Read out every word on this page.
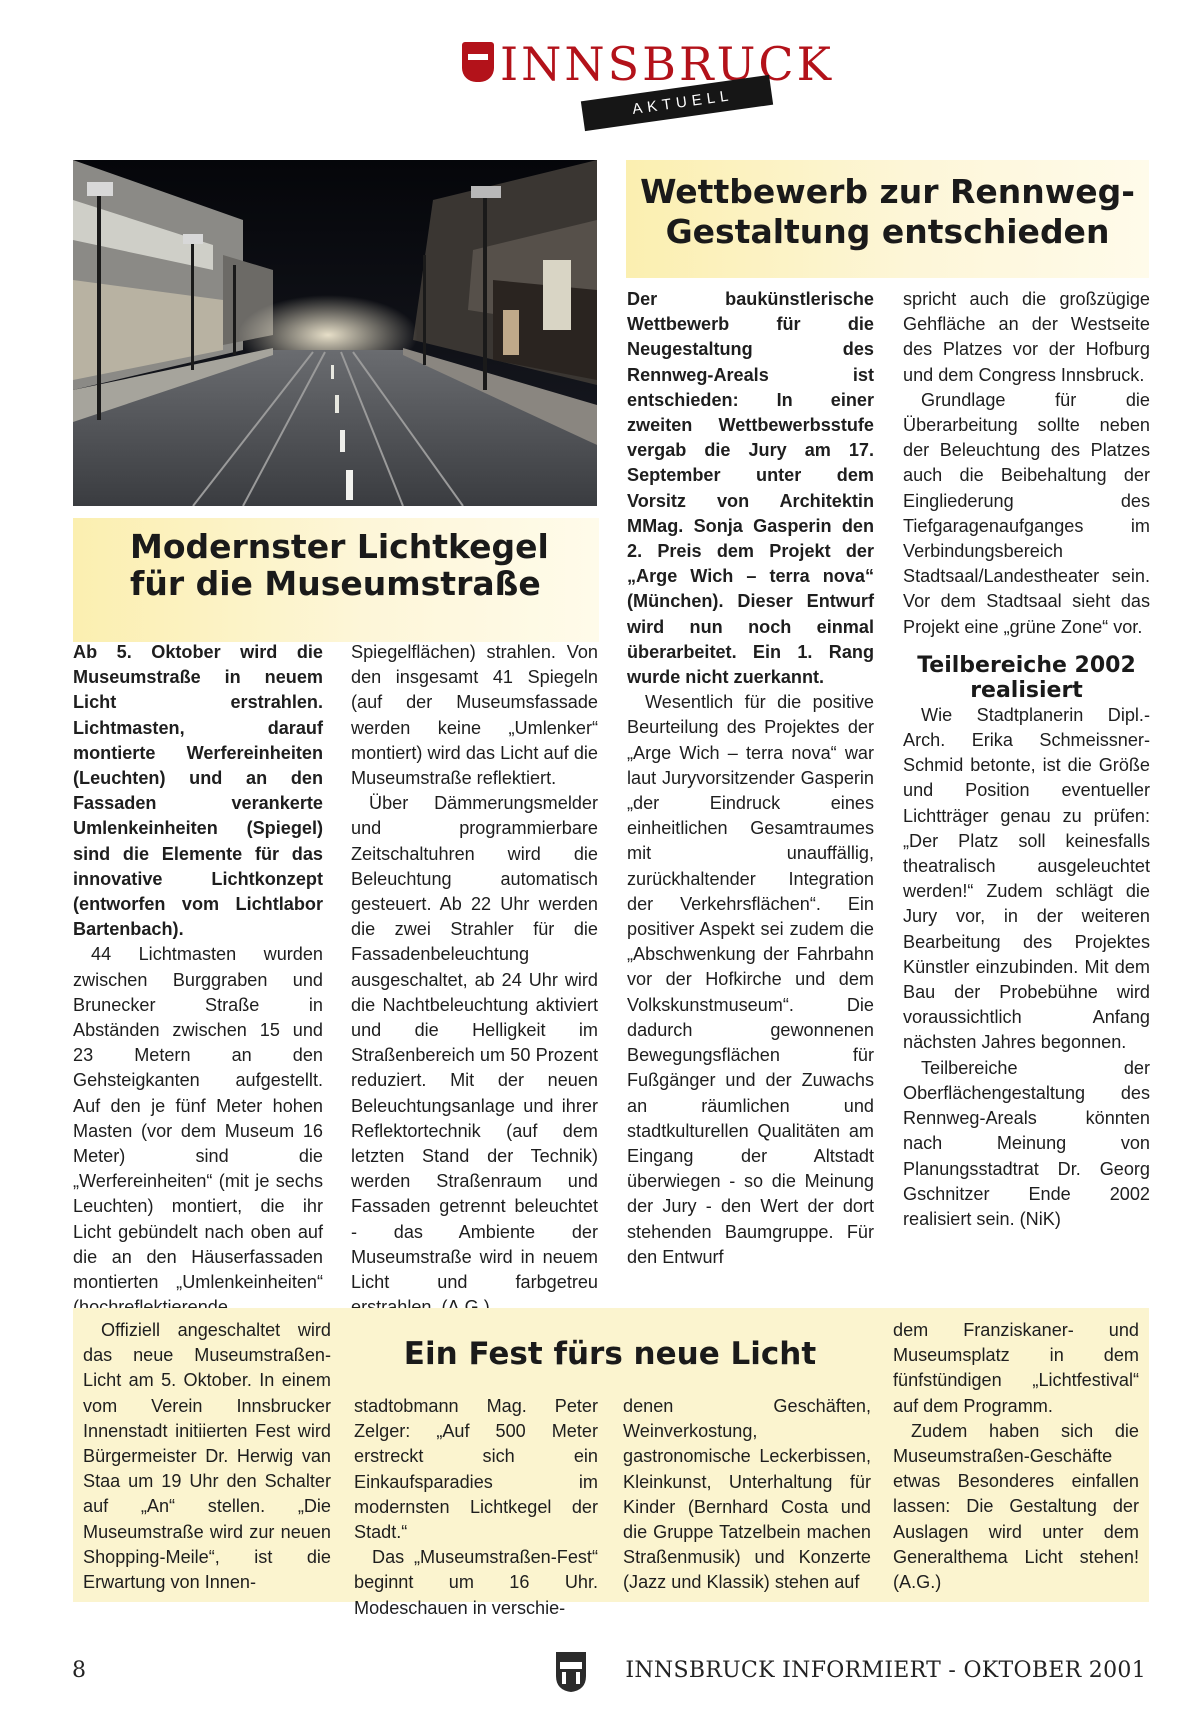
INNSBRUCK
AKTUELL
Modernster Lichtkegel
für die Museumstraße

Ab 5. Oktober wird die Museumstraße in neuem Licht erstrahlen. Lichtmasten, darauf montierte Werfereinheiten (Leuchten) und an den Fassaden verankerte Umlenkeinheiten (Spiegel) sind die Elemente für das innovative Lichtkonzept (entworfen vom Lichtlabor Bartenbach).

44 Lichtmasten wurden zwischen Burggraben und Brunecker Straße in Abständen zwischen 15 und 23 Metern an den Gehsteigkanten aufgestellt. Auf den je fünf Meter hohen Masten (vor dem Museum 16 Meter) sind die „Werfereinheiten“ (mit je sechs Leuchten) montiert, die ihr Licht gebündelt nach oben auf die an den Häuserfassaden montierten „Umlenkeinheiten“

Spiegelflächen) strahlen. Von den insgesamt 41 Spiegeln (auf der Museumsfassade werden keine „Umlenker“ montiert) wird das Licht auf die Museumstraße reflektiert.

Über Dämmerungsmelder und programmierbare Zeitschaltuhren wird die Beleuchtung automatisch gesteuert. Ab 22 Uhr werden die zwei Strahler für die Fassadenbeleuchtung ausgeschaltet, ab 24 Uhr wird die Nachtbeleuchtung aktiviert und die Helligkeit im Straßenbereich um 50 Prozent reduziert. Mit der neuen Beleuchtungsanlage und ihrer Reflektortechnik (auf dem letzten Stand der Technik) werden Straßenraum und Fassaden getrennt beleuchtet - das Ambiente der Museumstraße wird in neuem Licht und farbgetreu

Wettbewerb zur Rennweg-
Gestaltung entschieden

Der baukünstlerische Wettbewerb für die Neugestaltung des Rennweg-Areals ist entschieden: In einer zweiten Wettbewerbsstufe vergab die Jury am 17. September unter dem Vorsitz von Architektin MMag. Sonja Gasperin den 2. Preis dem Projekt der „Arge Wich – terra nova“ (München). Dieser Entwurf wird nun noch einmal überarbeitet. Ein 1. Rang wurde nicht zuerkannt.

Wesentlich für die positive Beurteilung des Projektes der „Arge Wich – terra nova“ war laut Juryvorsitzender Gasperin „der Eindruck eines einheitlichen Gesamtraumes mit unauffällig, zurückhaltender Integration der Verkehrsflächen“. Ein positiver Aspekt sei zudem die „Abschwenkung der Fahrbahn vor der Hofkirche und dem Volkskunstmuseum“. Die dadurch gewonnenen Bewegungsflächen für Fußgänger und der Zuwachs an räumlichen und stadtkulturellen Qualitäten am Eingang der Altstadt überwiegen - so die Meinung der Jury - den Wert der dort stehenden Baumgruppe. Für den Entwurf

spricht auch die großzügige Gehfläche an der Westseite des Platzes vor der Hofburg und dem Congress Innsbruck.

Grundlage für die Überarbeitung sollte neben der Beleuchtung des Platzes auch die Beibehaltung der Eingliederung des Tiefgaragenaufganges im Verbindungsbereich Stadtsaal/Landestheater sein. Vor dem Stadtsaal sieht das Projekt eine „grüne Zone“ vor.

Teilbereiche 2002
realisiert

Wie Stadtplanerin Dipl.-Arch. Erika Schmeissner-Schmid betonte, ist die Größe und Position eventueller Lichtträger genau zu prüfen: „Der Platz soll keinesfalls theatralisch ausgeleuchtet werden!“ Zudem schlägt die Jury vor, in der weiteren Bearbeitung des Projektes Künstler einzubinden. Mit dem Bau der Probebühne wird voraussichtlich Anfang nächsten Jahres begonnen.

Teilbereiche der Oberflächengestaltung des Rennweg-Areals könnten nach Meinung von Planungsstadtrat Dr. Georg Gschnitzer Ende 2002 realisiert sein. (NiK)

Ein Fest fürs neue Licht

Offiziell angeschaltet wird das neue Museumstraßen-Licht am 5. Oktober. In einem vom Verein Innsbrucker Innenstadt initiierten Fest wird Bürgermeister Dr. Herwig van Staa um 19 Uhr den Schalter auf „An“ stellen. „Die Museumstraße wird zur neuen Shopping-Meile“, ist die Erwartung von Innen-

stadtobmann Mag. Peter Zelger: „Auf 500 Meter erstreckt sich ein Einkaufsparadies im modernsten Lichtkegel der Stadt.“

Das „Museumstraßen-Fest“ beginnt um 16 Uhr. Modeschauen in verschie-

denen Geschäften, Weinverkostung, gastronomische Leckerbissen, Kleinkunst, Unterhaltung für Kinder (Bernhard Costa und die Gruppe Tatzelbein machen Straßenmusik) und Konzerte (Jazz und Klassik) stehen auf

dem Franziskaner- und Museumsplatz in dem fünfstündigen „Lichtfestival“ auf dem Programm.

Zudem haben sich die Museumstraßen-Geschäfte etwas Besonderes einfallen lassen: Die Gestaltung der Auslagen wird unter dem Generalthema Licht stehen! (A.G.)

8	INNSBRUCK INFORMIERT - OKTOBER 2001
